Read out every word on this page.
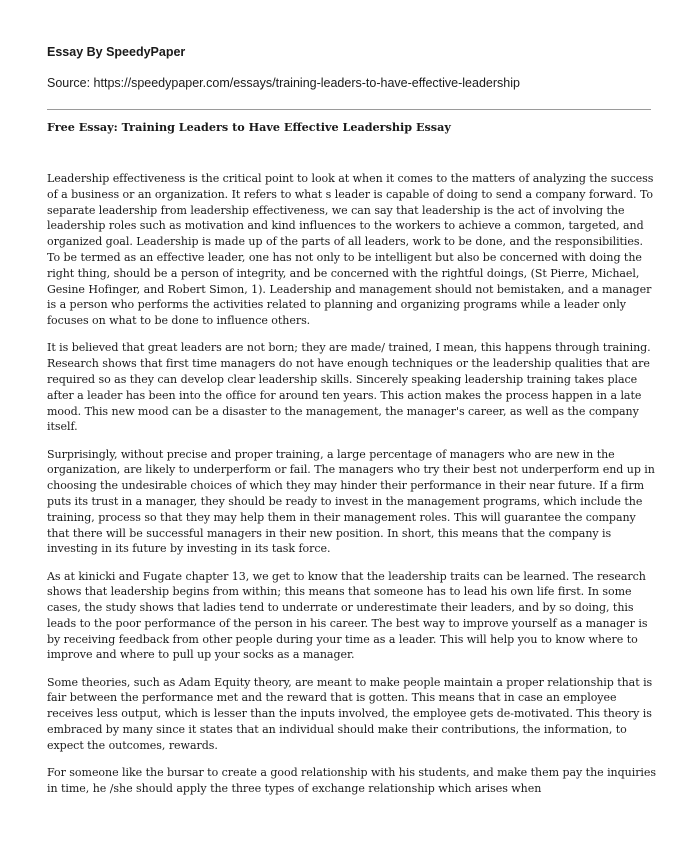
Essay By SpeedyPaper
Source: https://speedypaper.com/essays/training-leaders-to-have-effective-leadership
Free Essay: Training Leaders to Have Effective Leadership Essay

Leadership effectiveness is the critical point to look at when it comes to the matters of analyzing the success of a business or an organization. It refers to what s leader is capable of doing to send a company forward. To separate leadership from leadership effectiveness, we can say that leadership is the act of involving the leadership roles such as motivation and kind influences to the workers to achieve a common, targeted, and organized goal. Leadership is made up of the parts of all leaders, work to be done, and the responsibilities. To be termed as an effective leader, one has not only to be intelligent but also be concerned with doing the right thing, should be a person of integrity, and be concerned with the rightful doings, (St Pierre, Michael, Gesine Hofinger, and Robert Simon, 1). Leadership and management should not bemistaken, and a manager is a person who performs the activities related to planning and organizing programs while a leader only focuses on what to be done to influence others.

It is believed that great leaders are not born; they are made/ trained, I mean, this happens through training. Research shows that first time managers do not have enough techniques or the leadership qualities that are required so as they can develop clear leadership skills. Sincerely speaking leadership training takes place after a leader has been into the office for around ten years. This action makes the process happen in a late mood. This new mood can be a disaster to the management, the manager's career, as well as the company itself.

Surprisingly, without precise and proper training, a large percentage of managers who are new in the organization, are likely to underperform or fail. The managers who try their best not underperform end up in choosing the undesirable choices of which they may hinder their performance in their near future. If a firm puts its trust in a manager, they should be ready to invest in the management programs, which include the training, process so that they may help them in their management roles. This will guarantee the company that there will be successful managers in their new position. In short, this means that the company is investing in its future by investing in its task force.

As at kinicki and Fugate chapter 13, we get to know that the leadership traits can be learned. The research shows that leadership begins from within; this means that someone has to lead his own life first. In some cases, the study shows that ladies tend to underrate or underestimate their leaders, and by so doing, this leads to the poor performance of the person in his career. The best way to improve yourself as a manager is by receiving feedback from other people during your time as a leader. This will help you to know where to improve and where to pull up your socks as a manager.

Some theories, such as Adam Equity theory, are meant to make people maintain a proper relationship that is fair between the performance met and the reward that is gotten. This means that in case an employee receives less output, which is lesser than the inputs involved, the employee gets de-motivated. This theory is embraced by many since it states that an individual should make their contributions, the information, to expect the outcomes, rewards.

For someone like the bursar to create a good relationship with his students, and make them pay the inquiries in time, he /she should apply the three types of exchange relationship which arises when
